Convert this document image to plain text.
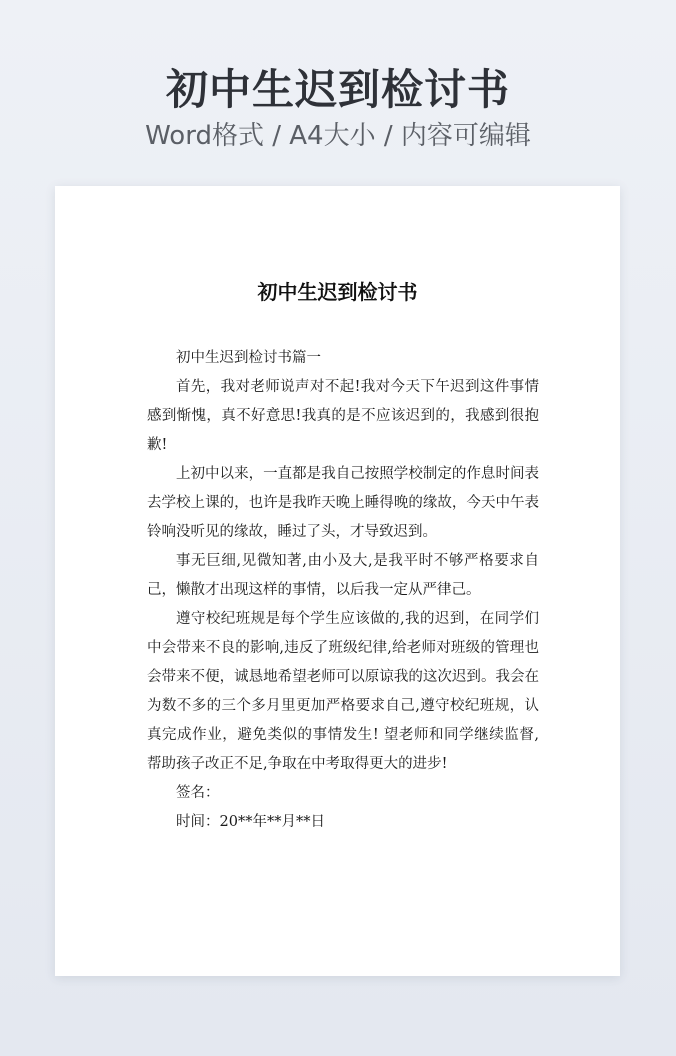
初中生迟到检讨书
Word格式 / A4大小 / 内容可编辑
初中生迟到检讨书

初中生迟到检讨书篇一

首先，我对老师说声对不起!我对今天下午迟到这件事情感到惭愧，真不好意思!我真的是不应该迟到的，我感到很抱歉!

上初中以来，一直都是我自己按照学校制定的作息时间表去学校上课的，也许是我昨天晚上睡得晚的缘故，今天中午表铃响没听见的缘故，睡过了头，才导致迟到。

事无巨细,见微知著,由小及大,是我平时不够严格要求自己，懒散才出现这样的事情，以后我一定从严律己。

遵守校纪班规是每个学生应该做的,我的迟到，在同学们中会带来不良的影响,违反了班级纪律,给老师对班级的管理也会带来不便，诚恳地希望老师可以原谅我的这次迟到。我会在为数不多的三个多月里更加严格要求自己,遵守校纪班规，认真完成作业，避免类似的事情发生! 望老师和同学继续监督,帮助孩子改正不足,争取在中考取得更大的进步!

签名：

时间：20**年**月**日
